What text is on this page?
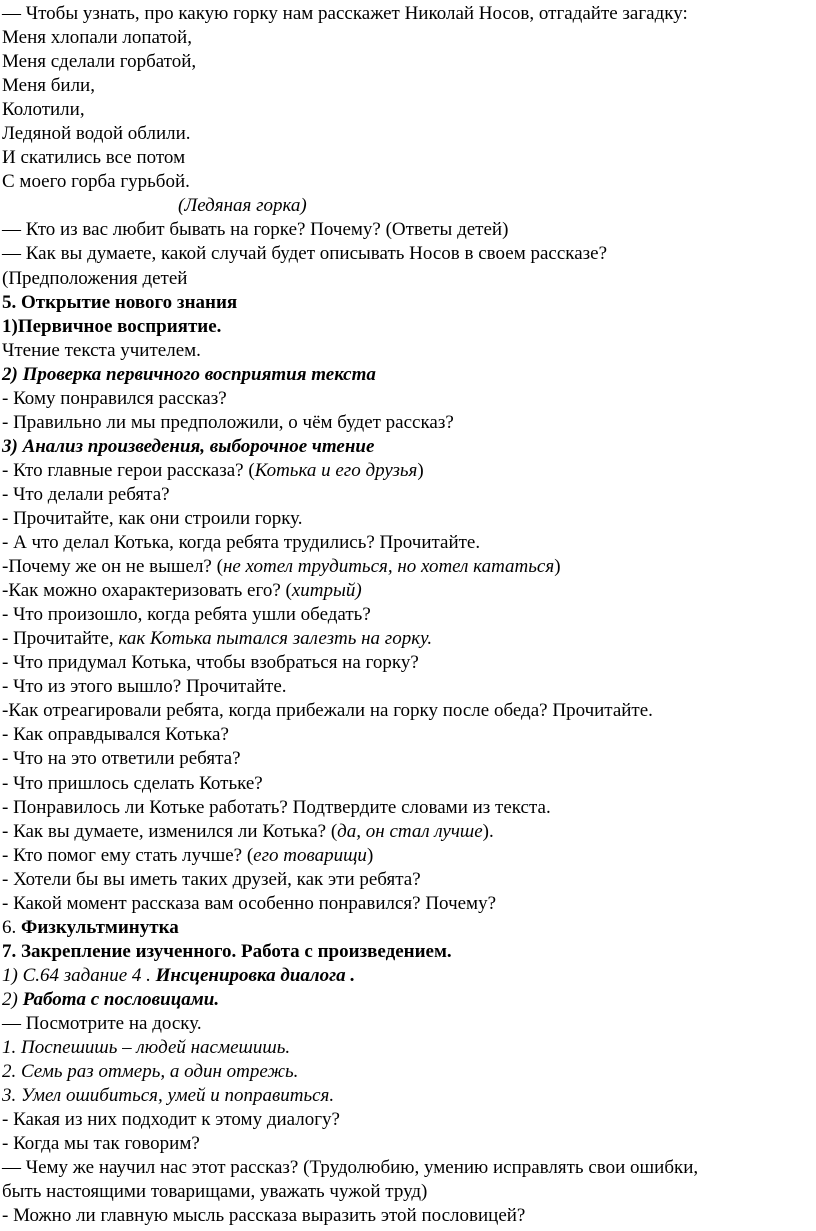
— Чтобы узнать, про какую горку нам расскажет Николай Носов, отгадайте загадку:
Меня хлопали лопатой,
Меня сделали горбатой,
Меня били,
Колотили,
Ледяной водой облили.
И скатились все потом
С моего горба гурьбой.
(Ледяная горка)
— Кто из вас любит бывать на горке? Почему? (Ответы детей)
— Как вы думаете, какой случай будет описывать Носов в своем рассказе?
(Предположения детей
5. Открытие нового знания
1)Первичное восприятие.
Чтение текста учителем.
2) Проверка первичного восприятия текста
- Кому понравился рассказ?
- Правильно ли мы предположили, о чём будет рассказ?
3) Анализ произведения, выборочное чтение
- Кто главные герои рассказа? (Котька и его друзья)
- Что делали ребята?
- Прочитайте, как они строили горку.
- А что делал Котька, когда ребята трудились? Прочитайте.
-Почему же он не вышел? (не хотел трудиться, но хотел кататься)
-Как можно охарактеризовать его? (хитрый)
- Что произошло, когда ребята ушли обедать?
- Прочитайте, как Котька пытался залезть на горку.
- Что придумал Котька, чтобы взобраться на горку?
- Что из этого вышло? Прочитайте.
-Как отреагировали ребята, когда прибежали на горку после обеда? Прочитайте.
- Как оправдывался Котька?
- Что на это ответили ребята?
- Что пришлось сделать Котьке?
- Понравилось ли Котьке работать? Подтвердите словами из текста.
- Как вы думаете, изменился ли Котька? (да, он стал лучше).
- Кто помог ему стать лучше? (его товарищи)
- Хотели бы вы иметь таких друзей, как эти ребята?
- Какой момент рассказа вам особенно понравился? Почему?
6. Физкультминутка
7. Закрепление изученного. Работа с произведением.
1) С.64 задание 4 . Инсценировка диалога .
2) Работа с пословицами.
— Посмотрите на доску.
1. Поспешишь – людей насмешишь.
2. Семь раз отмерь, а один отрежь.
3. Умел ошибиться, умей и поправиться.
- Какая из них подходит к этому диалогу?
- Когда мы так говорим?
— Чему же научил нас этот рассказ? (Трудолюбию, умению исправлять свои ошибки,
быть настоящими товарищами, уважать чужой труд)
- Можно ли главную мысль рассказа выразить этой пословицей?
